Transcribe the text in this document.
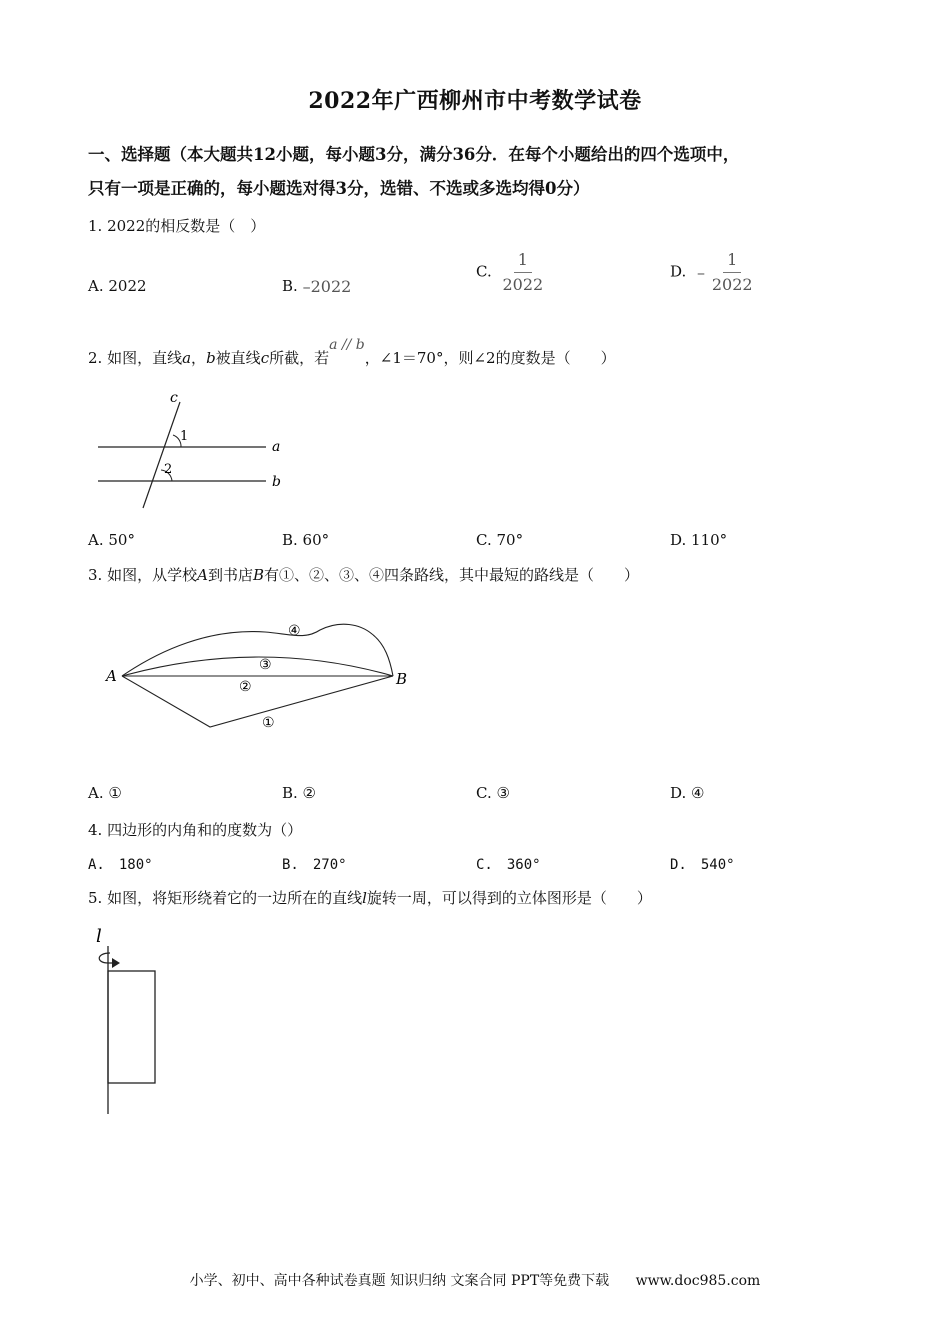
2022年广西柳州市中考数学试卷
一、选择题（本大题共12小题，每小题3分，满分36分．在每个小题给出的四个选项中，
只有一项是正确的，每小题选对得3分，选错、不选或多选均得0分）
1. 2022的相反数是（　）
A. 2022	B. –2022
C. $\frac{1}{2022}$	D. – $\frac{1}{2022}$
2. 如图，直线a，b被直线c所截，若a // b，∠1＝70°，则∠2的度数是（　　）
c
1
2
a
b
A. 50°	B. 60°	C. 70°	D. 110°
3. 如图，从学校A到书店B有①、②、③、④四条路线，其中最短的路线是（　　）
A	B
④
③
②
①
A. ①	B. ②	C. ③	D. ④
4. 四边形的内角和的度数为（）
A.　180°	B.　270°	C.　360°	D.　540°
5. 如图，将矩形绕着它的一边所在的直线l旋转一周，可以得到的立体图形是（　　）
l
小学、初中、高中各种试卷真题 知识归纳 文案合同 PPT等免费下载 www.doc985.com
